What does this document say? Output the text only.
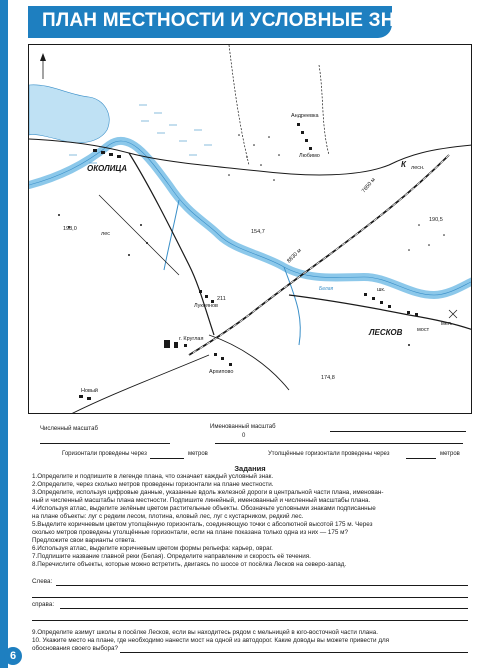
ПЛАН МЕСТНОСТИ И УСЛОВНЫЕ ЗНАКИ
ОКОЛИЦА
ЛЕСКОВ
Андреевка
Любимо
Лукоянов
Архипово
Новый
лес
Белая
К лесн.
198,0	154,7
190,5
174,8
211
7650 м
8830 м
мост
г. Круглая
шк.
мел.
Численный масштаб	Именованный масштаб
0
Горизонтали проведены через	метров	Утолщённые горизонтали проведены через	метров
Задания
1.Определите и подпишите в легенде плана, что означает каждый условный знак.
2.Определите, через сколько метров проведены горизонтали на плане местности.
3.Определите, используя цифровые данные, указанные вдоль железной дороги в центральной части плана, именован-
ный и численный масштабы плана местности. Подпишите линейный, именованный и численный масштабы плана.
4.Используя атлас, выделите зелёным цветом растительные объекты. Обозначьте условными знаками подписанные
на плане объекты: луг с редким лесом, плотина, еловый лес, луг с кустарником, редкий лес.
5.Выделите коричневым цветом утолщённую горизонталь, соединяющую точки с абсолютной высотой 175 м. Через
сколько метров проведены утолщённые горизонтали, если на плане показана только одна из них — 175 м?
Предложите свои варианты ответа.
6.Используя атлас, выделите коричневым цветом формы рельефа: карьер, овраг.
7.Подпишите название главной реки (Белая). Определите направление и скорость её течения.
8.Перечислите объекты, которые можно встретить, двигаясь по шоссе от посёлка Лесков на северо-запад.
Слева:
справа:
9.Определите азимут школы в посёлке Лесков, если вы находитесь рядом с мельницей в юго-восточной части плана.
10. Укажите место на плане, где необходимо нанести мост на одной из автодорог. Какие доводы вы можете привести для
обоснования своего выбора?
6
